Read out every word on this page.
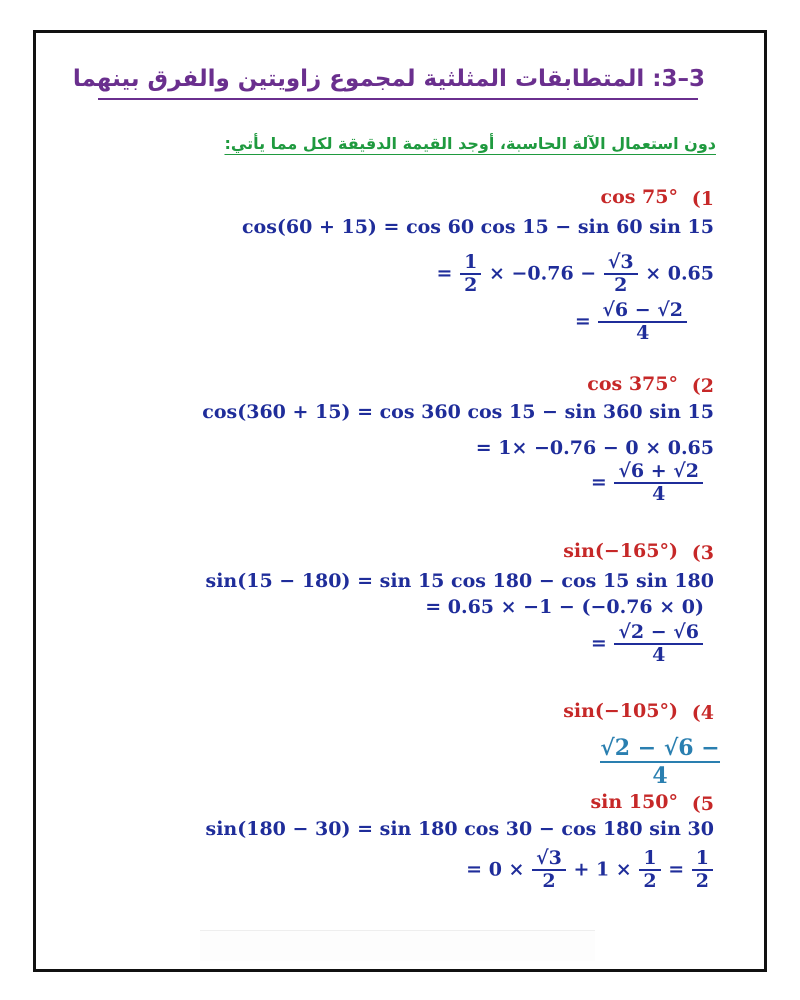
3–3: المتطابقات المثلثية لمجموع زاويتين والفرق بينهما
دون استعمال الآلة الحاسبة، أوجد القيمة الدقيقة لكل مما يأتي:
(1
cos 75°
cos(60 + 15) = cos 60 cos 15 − sin 60 sin 15
= $\frac{1}{2} \times -0.76 - \frac{√3}{2} \times 0.65$
= $\frac{√6 - √2}{4}$
(2
cos 375°
cos(360 + 15) = cos 360 cos 15 − sin 360 sin 15
= 1× −0.76 − 0 × 0.65
= $\frac{√6 + √2}{4}$
(3
sin(−165°)
sin(15 − 180) = sin 15 cos 180 − cos 15 sin 180
= 0.65 × −1 − (−0.76 × 0)
= $\frac{√2 - √6}{4}$
(4
sin(−105°)
$\frac{√2 - √6 -}{4}$
(5
sin 150°
sin(180 − 30) = sin 180 cos 30 − cos 180 sin 30
= $0 \times \frac{√3}{2} + 1 \times \frac{1}{2} = \frac{1}{2}$
